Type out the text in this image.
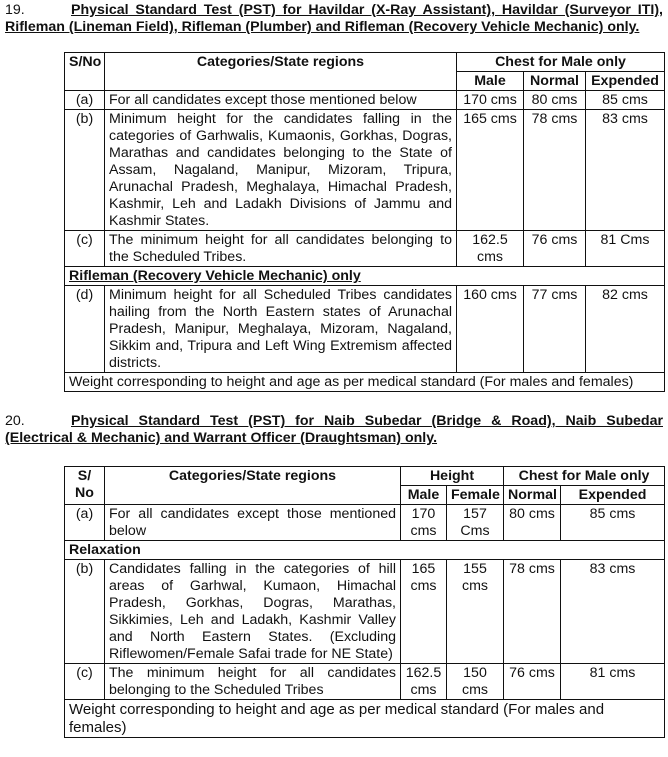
19.	Physical Standard Test (PST) for Havildar (X-Ray Assistant), Havildar (Surveyor ITI), Rifleman (Lineman Field), Rifleman (Plumber) and Rifleman (Recovery Vehicle Mechanic) only.
S/No	Categories/State regions	Chest for Male only		
		Male	Normal	Expended
(a)	For all candidates except those mentioned below	170 cms	80 cms	85 cms
(b)	Minimum height for the candidates falling in the categories of Garhwalis, Kumaonis, Gorkhas, Dogras, Marathas and candidates belonging to the State of Assam, Nagaland, Manipur, Mizoram, Tripura, Arunachal Pradesh, Meghalaya, Himachal Pradesh, Kashmir, Leh and Ladakh Divisions of Jammu and Kashmir States.	165 cms	78 cms	83 cms
(c)	The minimum height for all candidates belonging to the Scheduled Tribes.	162.5 cms	76 cms	81 Cms
Rifleman (Recovery Vehicle Mechanic) only				
(d)	Minimum height for all Scheduled Tribes candidates hailing from the North Eastern states of Arunachal Pradesh, Manipur, Meghalaya, Mizoram, Nagaland, Sikkim and, Tripura and Left Wing Extremism affected districts.	160 cms	77 cms	82 cms
Weight corresponding to height and age as per medical standard (For males and females)				
20.	Physical Standard Test (PST) for Naib Subedar (Bridge & Road), Naib Subedar (Electrical & Mechanic) and Warrant Officer (Draughtsman) only.
S/ No	Categories/State regions	Height		Chest for Male only	
		Male	Female	Normal	Expended
(a)	For all candidates except those mentioned below	170 cms	157 Cms	80 cms	85 cms
Relaxation					
(b)	Candidates falling in the categories of hill areas of Garhwal, Kumaon, Himachal Pradesh, Gorkhas, Dogras, Marathas, Sikkimies, Leh and Ladakh, Kashmir Valley and North Eastern States. (Excluding Riflewomen/Female Safai trade for NE State)	165 cms	155 cms	78 cms	83 cms
(c)	The minimum height for all candidates belonging to the Scheduled Tribes	162.5 cms	150 cms	76 cms	81 cms
Weight corresponding to height and age as per medical standard (For males and females)					
